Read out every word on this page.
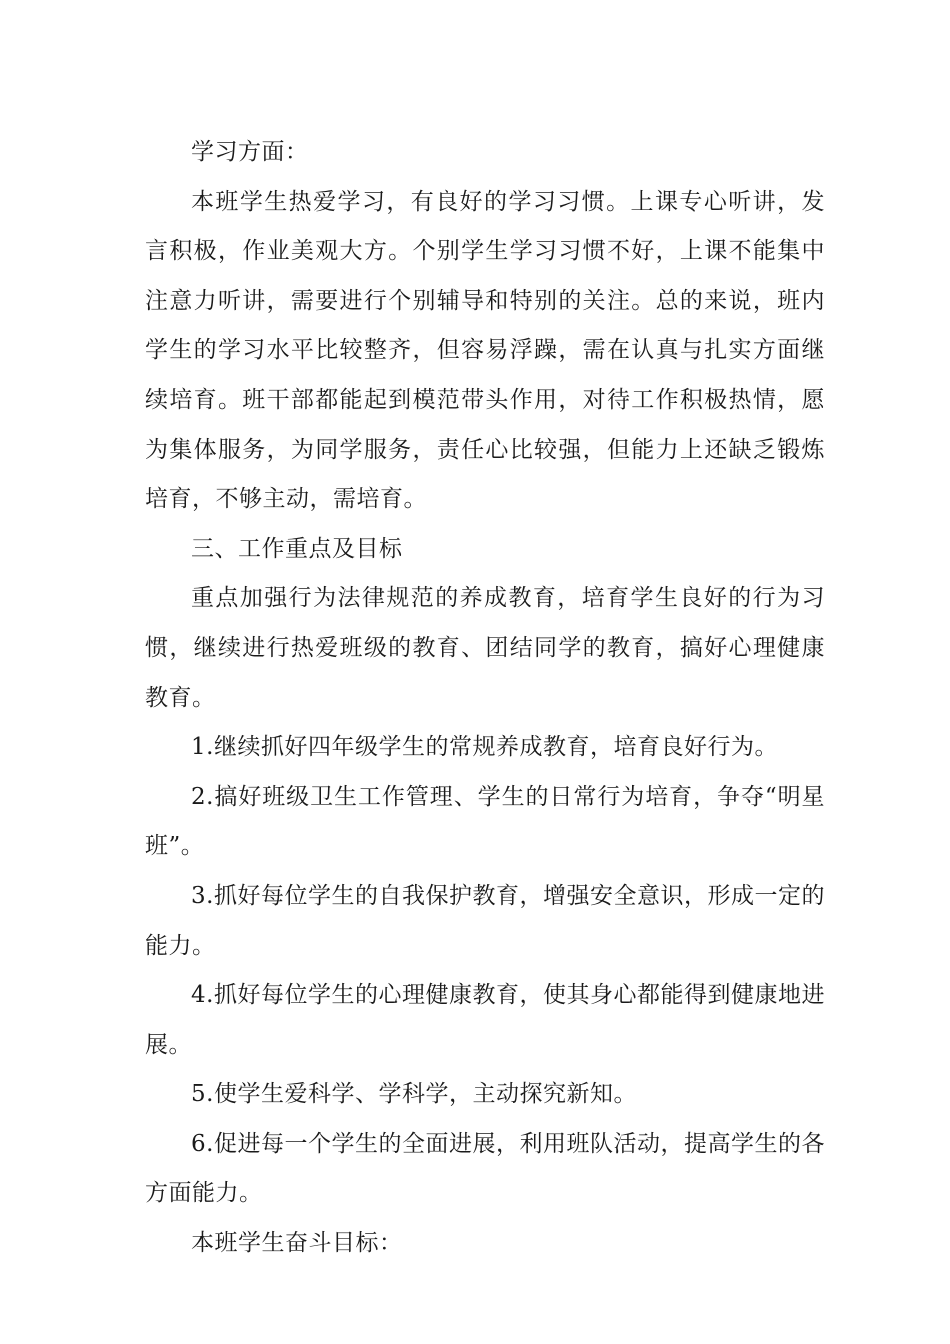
学习方面：

本班学生热爱学习，有良好的学习习惯。上课专心听讲，发言积极，作业美观大方。个别学生学习习惯不好，上课不能集中注意力听讲，需要进行个别辅导和特别的关注。总的来说，班内学生的学习水平比较整齐，但容易浮躁，需在认真与扎实方面继续培育。班干部都能起到模范带头作用，对待工作积极热情，愿为集体服务，为同学服务，责任心比较强，但能力上还缺乏锻炼培育，不够主动，需培育。

三、工作重点及目标

重点加强行为法律规范的养成教育，培育学生良好的行为习惯，继续进行热爱班级的教育、团结同学的教育，搞好心理健康教育。

1.继续抓好四年级学生的常规养成教育，培育良好行为。

2.搞好班级卫生工作管理、学生的日常行为培育，争夺“明星班”。

3.抓好每位学生的自我保护教育，增强安全意识，形成一定的能力。

4.抓好每位学生的心理健康教育，使其身心都能得到健康地进展。

5.使学生爱科学、学科学，主动探究新知。

6.促进每一个学生的全面进展，利用班队活动，提高学生的各方面能力。

本班学生奋斗目标：
